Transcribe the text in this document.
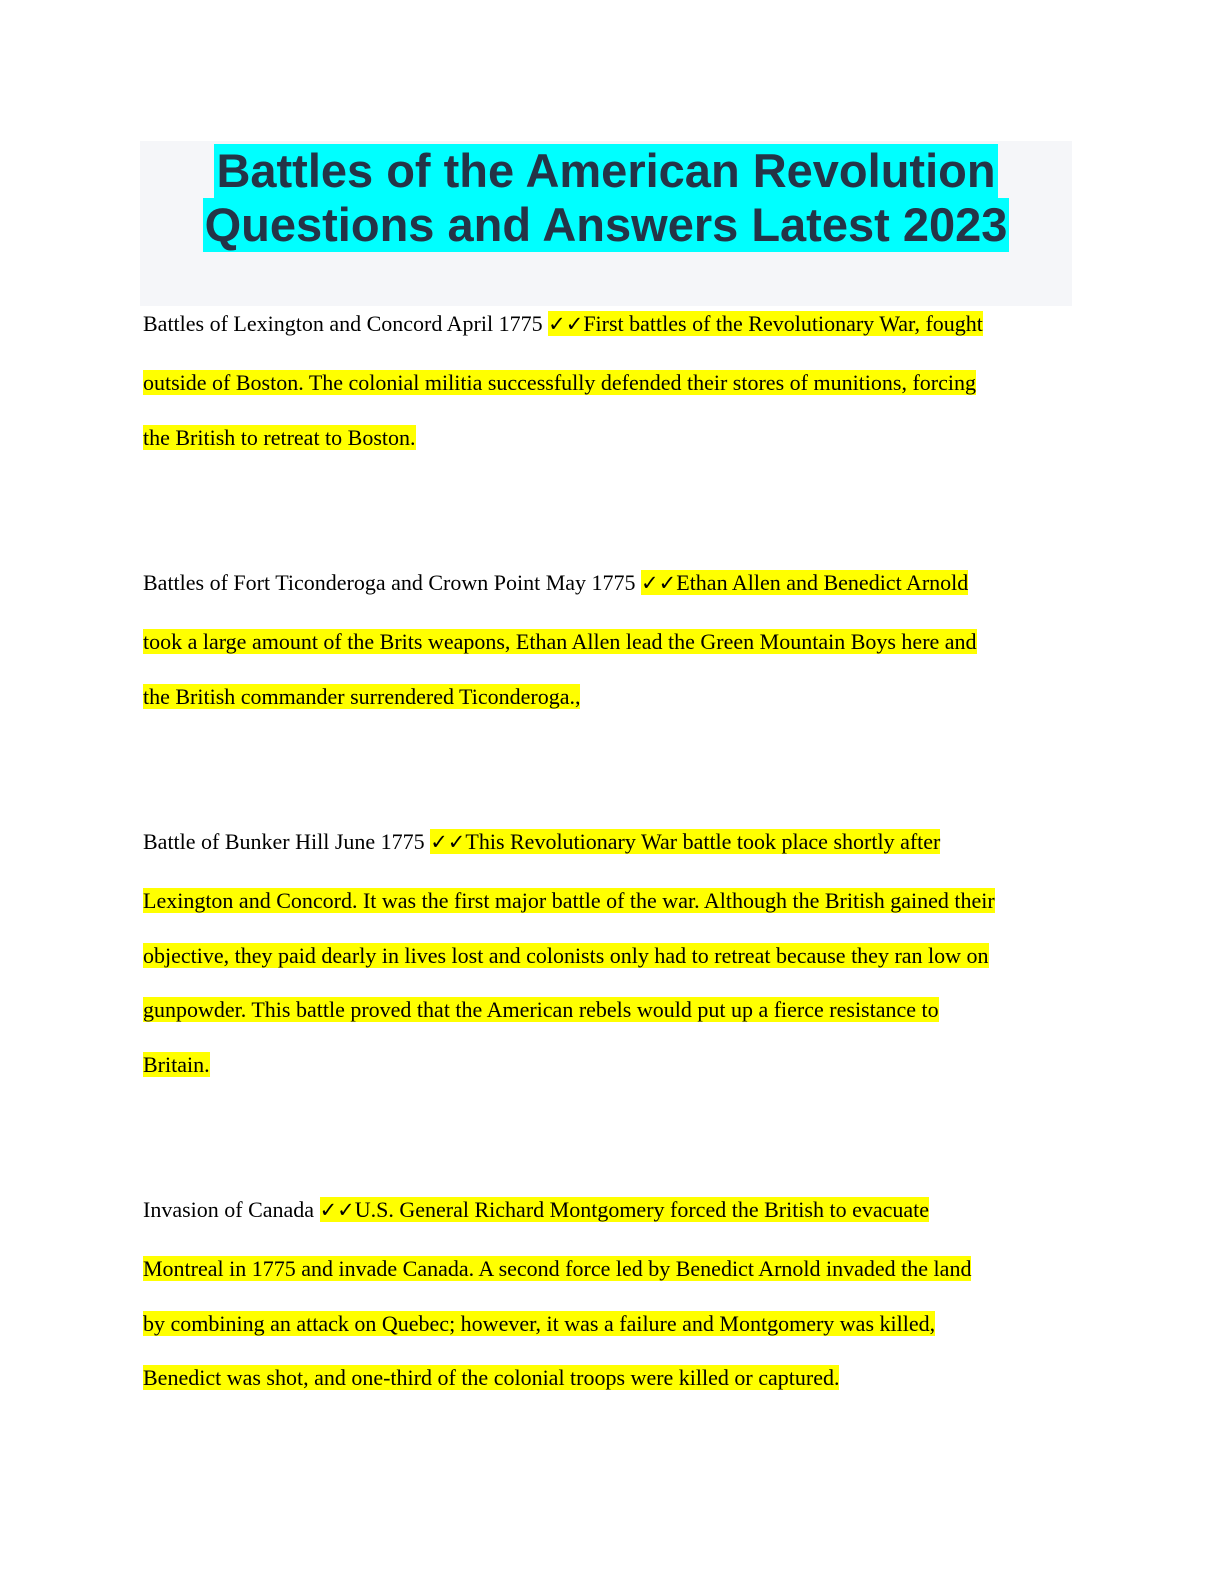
Battles of the American Revolution
Questions and Answers Latest 2023
Battles of Lexington and Concord April 1775 ✓✓First battles of the Revolutionary War, fought
outside of Boston. The colonial militia successfully defended their stores of munitions, forcing
the British to retreat to Boston.
Battles of Fort Ticonderoga and Crown Point May 1775 ✓✓Ethan Allen and Benedict Arnold
took a large amount of the Brits weapons, Ethan Allen lead the Green Mountain Boys here and
the British commander surrendered Ticonderoga.,
Battle of Bunker Hill June 1775 ✓✓This Revolutionary War battle took place shortly after
Lexington and Concord. It was the first major battle of the war. Although the British gained their
objective, they paid dearly in lives lost and colonists only had to retreat because they ran low on
gunpowder. This battle proved that the American rebels would put up a fierce resistance to
Britain.
Invasion of Canada ✓✓U.S. General Richard Montgomery forced the British to evacuate
Montreal in 1775 and invade Canada. A second force led by Benedict Arnold invaded the land
by combining an attack on Quebec; however, it was a failure and Montgomery was killed,
Benedict was shot, and one-third of the colonial troops were killed or captured.
